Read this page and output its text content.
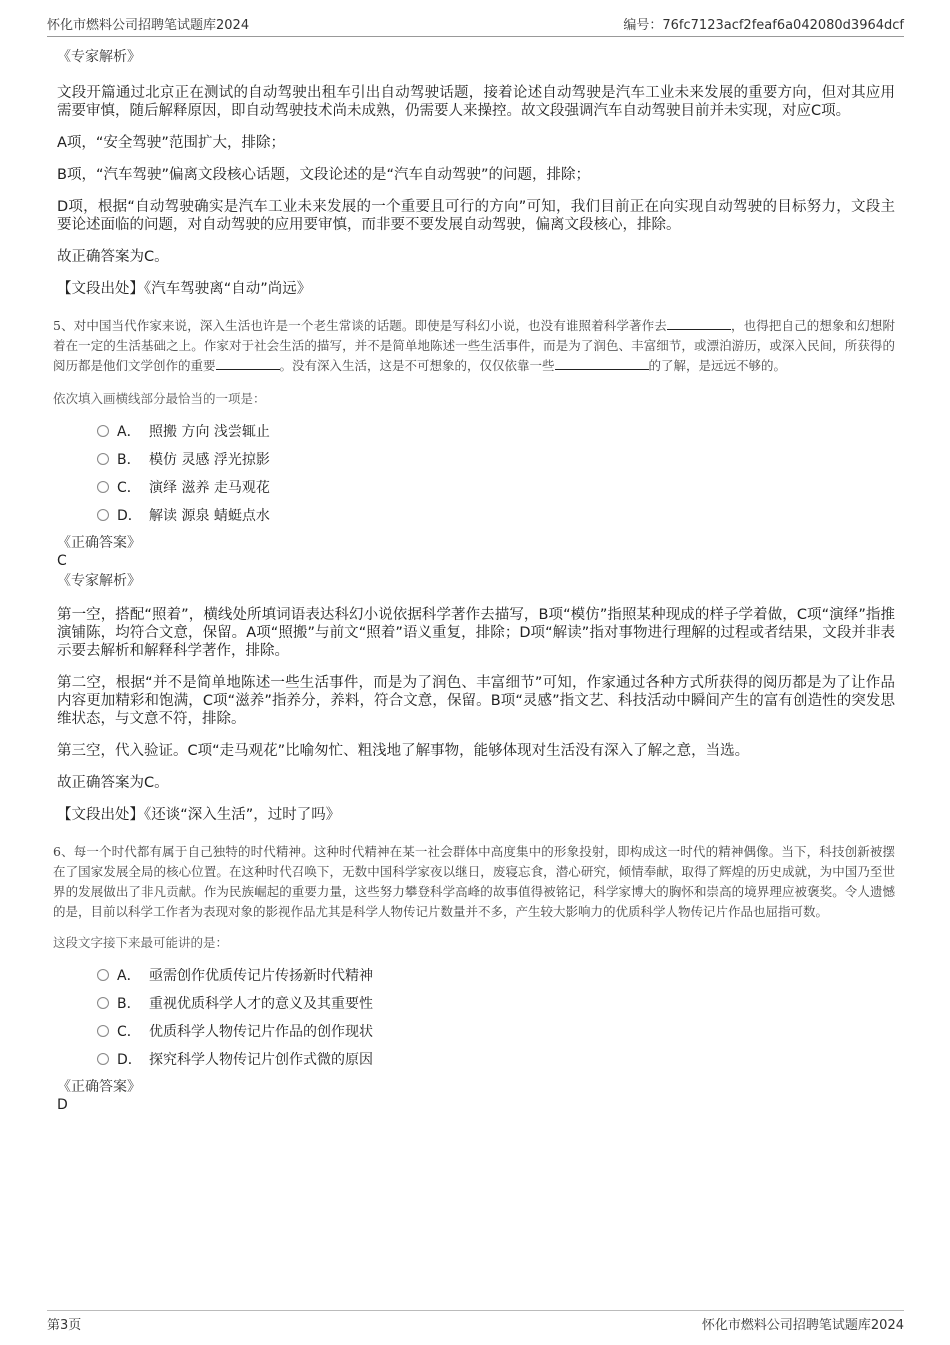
怀化市燃料公司招聘笔试题库2024	编号：76fc7123acf2feaf6a042080d3964dcf

《专家解析》

文段开篇通过北京正在测试的自动驾驶出租车引出自动驾驶话题，接着论述自动驾驶是汽车工业未来发展的重要方向，但对其应用需要审慎，随后解释原因，即自动驾驶技术尚未成熟，仍需要人来操控。故文段强调汽车自动驾驶目前并未实现，对应C项。

A项，“安全驾驶”范围扩大，排除；

B项，“汽车驾驶”偏离文段核心话题，文段论述的是“汽车自动驾驶”的问题，排除；

D项，根据“自动驾驶确实是汽车工业未来发展的一个重要且可行的方向”可知，我们目前正在向实现自动驾驶的目标努力，文段主要论述面临的问题，对自动驾驶的应用要审慎，而非要不要发展自动驾驶，偏离文段核心，排除。

故正确答案为C。

【文段出处】《汽车驾驶离“自动”尚远》

5、对中国当代作家来说，深入生活也许是一个老生常谈的话题。即使是写科幻小说，也没有谁照着科学著作去	，也得把自己的想象和幻想附着在一定的生活基础之上。作家对于社会生活的描写，并不是简单地陈述一些生活事件，而是为了润色、丰富细节，或漂泊游历，或深入民间，所获得的阅历都是他们文学创作的重要	。没有深入生活，这是不可想象的，仅仅依靠一些	的了解，是远远不够的。

依次填入画横线部分最恰当的一项是：

A． 照搬 方向 浅尝辄止
B． 模仿 灵感 浮光掠影
C． 演绎 滋养 走马观花
D． 解读 源泉 蜻蜓点水

《正确答案》

C

《专家解析》

第一空，搭配“照着”，横线处所填词语表达科幻小说依据科学著作去描写，B项“模仿”指照某种现成的样子学着做，C项“演绎”指推演铺陈，均符合文意，保留。A项“照搬”与前文“照着”语义重复，排除；D项“解读”指对事物进行理解的过程或者结果，文段并非表示要去解析和解释科学著作，排除。

第二空，根据“并不是简单地陈述一些生活事件，而是为了润色、丰富细节”可知，作家通过各种方式所获得的阅历都是为了让作品内容更加精彩和饱满，C项“滋养”指养分，养料，符合文意，保留。B项“灵感”指文艺、科技活动中瞬间产生的富有创造性的突发思维状态，与文意不符，排除。

第三空，代入验证。C项“走马观花”比喻匆忙、粗浅地了解事物，能够体现对生活没有深入了解之意，当选。

故正确答案为C。

【文段出处】《还谈“深入生活”，过时了吗》

6、每一个时代都有属于自己独特的时代精神。这种时代精神在某一社会群体中高度集中的形象投射，即构成这一时代的精神偶像。当下，科技创新被摆在了国家发展全局的核心位置。在这种时代召唤下，无数中国科学家夜以继日，废寝忘食，潜心研究，倾情奉献，取得了辉煌的历史成就，为中国乃至世界的发展做出了非凡贡献。作为民族崛起的重要力量，这些努力攀登科学高峰的故事值得被铭记，科学家博大的胸怀和崇高的境界理应被褒奖。令人遗憾的是，目前以科学工作者为表现对象的影视作品尤其是科学人物传记片数量并不多，产生较大影响力的优质科学人物传记片作品也屈指可数。

这段文字接下来最可能讲的是：

A． 亟需创作优质传记片传扬新时代精神
B． 重视优质科学人才的意义及其重要性
C． 优质科学人物传记片作品的创作现状
D． 探究科学人物传记片创作式微的原因

《正确答案》

D

第3页	怀化市燃料公司招聘笔试题库2024
